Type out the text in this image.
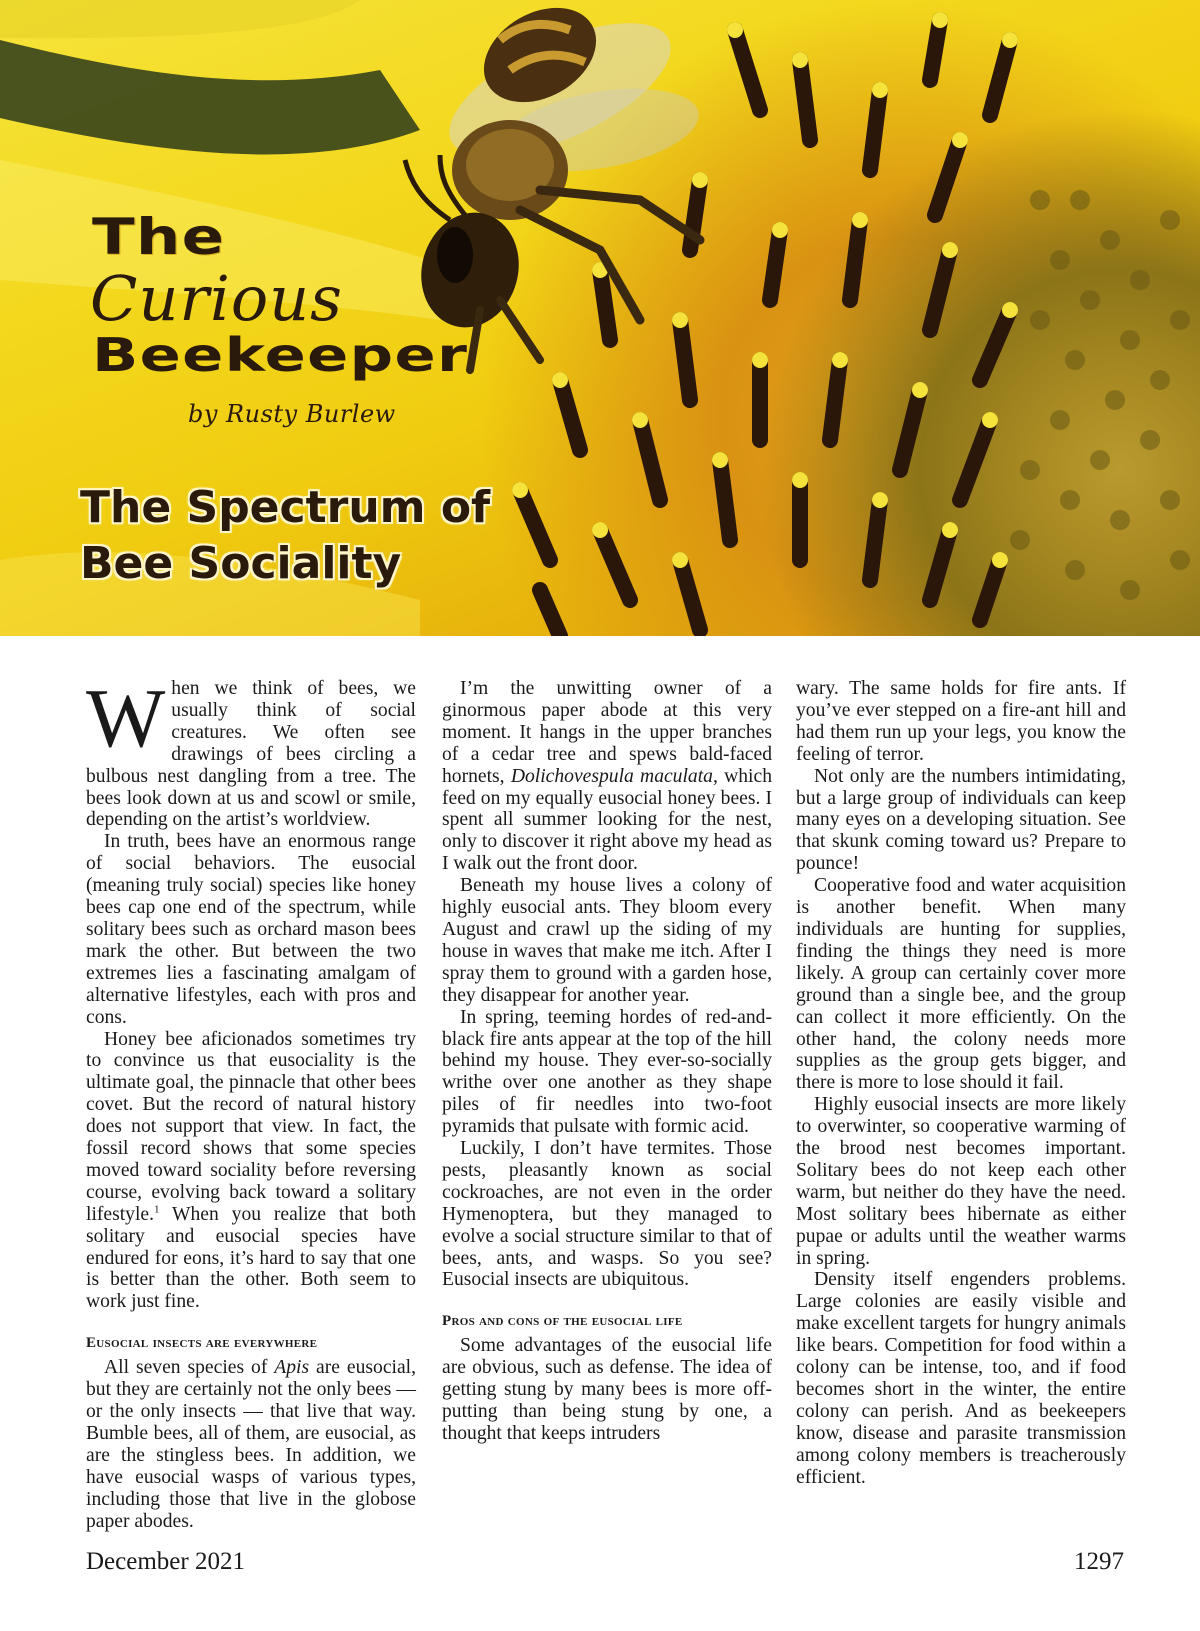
The
Curious
Beekeeper
by Rusty Burlew
The Spectrum of
Bee Sociality

When we think of bees, we usually think of social creatures. We often see drawings of bees circling a bulbous nest dangling from a tree. The bees look down at us and scowl or smile, depending on the artist’s worldview.

In truth, bees have an enormous range of social behaviors. The eusocial (meaning truly social) species like honey bees cap one end of the spectrum, while solitary bees such as orchard mason bees mark the other. But between the two extremes lies a fascinating amalgam of alternative lifestyles, each with pros and cons.

Honey bee aficionados sometimes try to convince us that eusociality is the ultimate goal, the pinnacle that other bees covet. But the record of natural history does not support that view. In fact, the fossil record shows that some species moved toward sociality before reversing course, evolving back toward a solitary lifestyle.$^1$ When you realize that both solitary and eusocial species have endured for eons, it’s hard to say that one is better than the other. Both seem to work just fine.

Eusocial insects are everywhere

All seven species of Apis are eusocial, but they are certainly not the only bees — or the only insects — that live that way. Bumble bees, all of them, are eusocial, as are the stingless bees. In addition, we have eusocial wasps of various types, including those that live in the globose paper abodes.

I’m the unwitting owner of a ginormous paper abode at this very moment. It hangs in the upper branches of a cedar tree and spews bald-faced hornets, Dolichovespula maculata, which feed on my equally eusocial honey bees. I spent all summer looking for the nest, only to discover it right above my head as I walk out the front door.

Beneath my house lives a colony of highly eusocial ants. They bloom every August and crawl up the siding of my house in waves that make me itch. After I spray them to ground with a garden hose, they disappear for another year.

In spring, teeming hordes of red-and-black fire ants appear at the top of the hill behind my house. They ever-so-socially writhe over one another as they shape piles of fir needles into two-foot pyramids that pulsate with formic acid.

Luckily, I don’t have termites. Those pests, pleasantly known as social cockroaches, are not even in the order Hymenoptera, but they managed to evolve a social structure similar to that of bees, ants, and wasps. So you see? Eusocial insects are ubiquitous.

Pros and cons of the eusocial life

Some advantages of the eusocial life are obvious, such as defense. The idea of getting stung by many bees is more off-putting than being stung by one, a thought that keeps intruders

wary. The same holds for fire ants. If you’ve ever stepped on a fire-ant hill and had them run up your legs, you know the feeling of terror.

Not only are the numbers intimidating, but a large group of individuals can keep many eyes on a developing situation. See that skunk coming toward us? Prepare to pounce!

Cooperative food and water acquisition is another benefit. When many individuals are hunting for supplies, finding the things they need is more likely. A group can certainly cover more ground than a single bee, and the group can collect it more efficiently. On the other hand, the colony needs more supplies as the group gets bigger, and there is more to lose should it fail.

Highly eusocial insects are more likely to overwinter, so cooperative warming of the brood nest becomes important. Solitary bees do not keep each other warm, but neither do they have the need. Most solitary bees hibernate as either pupae or adults until the weather warms in spring.

Density itself engenders problems. Large colonies are easily visible and make excellent targets for hungry animals like bears. Competition for food within a colony can be intense, too, and if food becomes short in the winter, the entire colony can perish. And as beekeepers know, disease and parasite transmission among colony members is treacherously efficient.

December 2021	1297
